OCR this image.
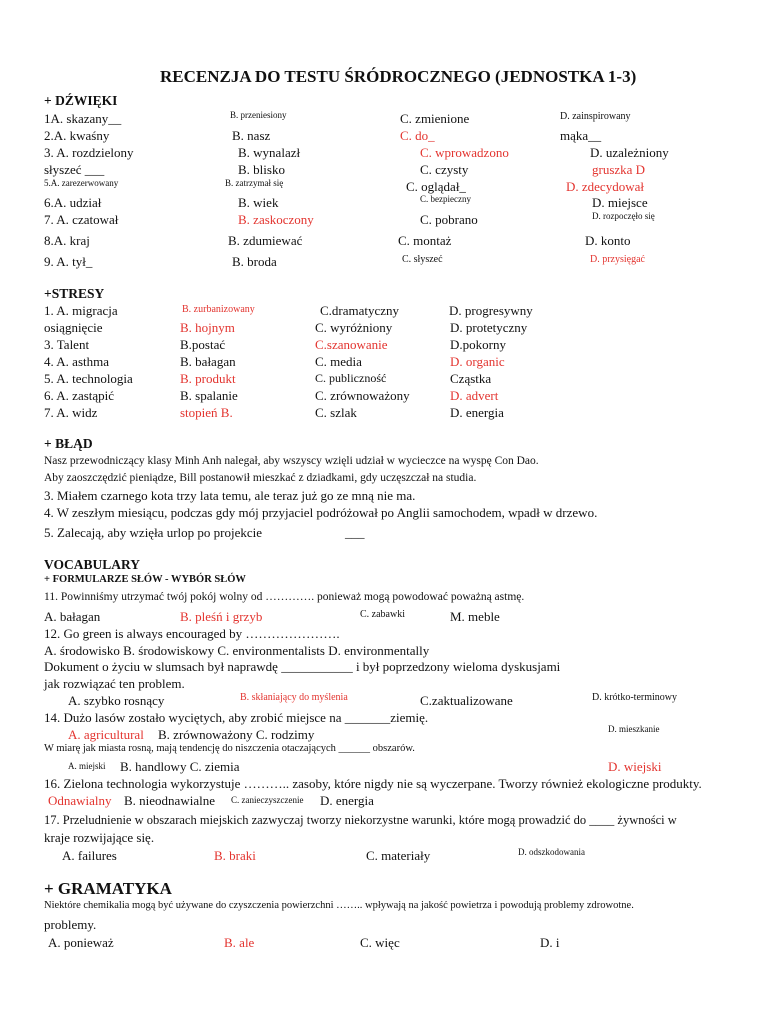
RECENZJA DO TESTU ŚRÓDROCZNEGO (JEDNOSTKA 1-3)
+ DŹWIĘKI
1A. skazany__	B. przeniesiony	C. zmienione	D. zainspirowany
2.A. kwaśny	B. nasz	C. do_	mąka__
3. A. rozdzielony	B. wynalazł	C. wprowadzono	D. uzależniony
słyszeć ___	B. blisko	C. czysty	gruszka D
5.A. zarezerwowany	B. zatrzymał się	C. oglądał_	D. zdecydował
6.A. udział	B. wiek	C. bezpieczny	D. miejsce
7. A. czatował	B. zaskoczony	C. pobrano	D. rozpoczęło się
8.A. kraj	B. zdumiewać	C. montaż	D. konto
9. A. tył_	B. broda	C. słyszeć	D. przysięgać
+STRESY
1. A. migracja	B. zurbanizowany	C.dramatyczny	D. progresywny
osiągnięcie	B. hojnym	C. wyróżniony	D. protetyczny
3. Talent	B.postać	C.szanowanie	D.pokorny
4. A. asthma	B. bałagan	C. media	D. organic
5. A. technologia	B. produkt	C. publiczność	Cząstka
6. A. zastąpić	B. spalanie	C. zrównoważony	D. advert
7. A. widz	stopień B.	C. szlak	D. energia
+ BŁĄD
Nasz przewodniczący klasy Minh Anh nalegał, aby wszyscy wzięli udział w wycieczce na wyspę Con Dao.
Aby zaoszczędzić pieniądze, Bill postanowił mieszkać z dziadkami, gdy uczęszczał na studia.
3. Miałem czarnego kota trzy lata temu, ale teraz już go ze mną nie ma.
4. W zeszłym miesiącu, podczas gdy mój przyjaciel podróżował po Anglii samochodem, wpadł w drzewo.
5. Zalecają, aby wzięła urlop po projekcie	___
VOCABULARY
+ FORMULARZE SŁÓW - WYBÓR SŁÓW
11. Powinniśmy utrzymać twój pokój wolny od …………. ponieważ mogą powodować poważną astmę.
A. bałagan	B. pleśń i grzyb	C. zabawki	M. meble
12. Go green is always encouraged by ………………….
A. środowisko B. środowiskowy C. environmentalists D. environmentally
Dokument o życiu w slumsach był naprawdę ___________ i był poprzedzony wieloma dyskusjami
jak rozwiązać ten problem.
A. szybko rosnący	B. skłaniający do myślenia	C.zaktualizowane	D. krótko-terminowy
14. Dużo lasów zostało wyciętych, aby zrobić miejsce na _______ziemię.
A. agricultural B. zrównoważony C. rodzimy	D. mieszkanie
W miarę jak miasta rosną, mają tendencję do niszczenia otaczających ______ obszarów.
A. miejski B. handlowy C. ziemia	D. wiejski
16. Zielona technologia wykorzystuje ……….. zasoby, które nigdy nie są wyczerpane. Tworzy również ekologiczne produkty.
Odnawialny B. nieodnawialne C. zanieczyszczenie D. energia
17. Przeludnienie w obszarach miejskich zazwyczaj tworzy niekorzystne warunki, które mogą prowadzić do ____ żywności w
kraje rozwijające się.
A. failures	B. braki	C. materiały	D. odszkodowania
+ GRAMATYKA
Niektóre chemikalia mogą być używane do czyszczenia powierzchni …….. wpływają na jakość powietrza i powodują problemy zdrowotne.
problemy.
A. ponieważ	B. ale	C. więc	D. i
